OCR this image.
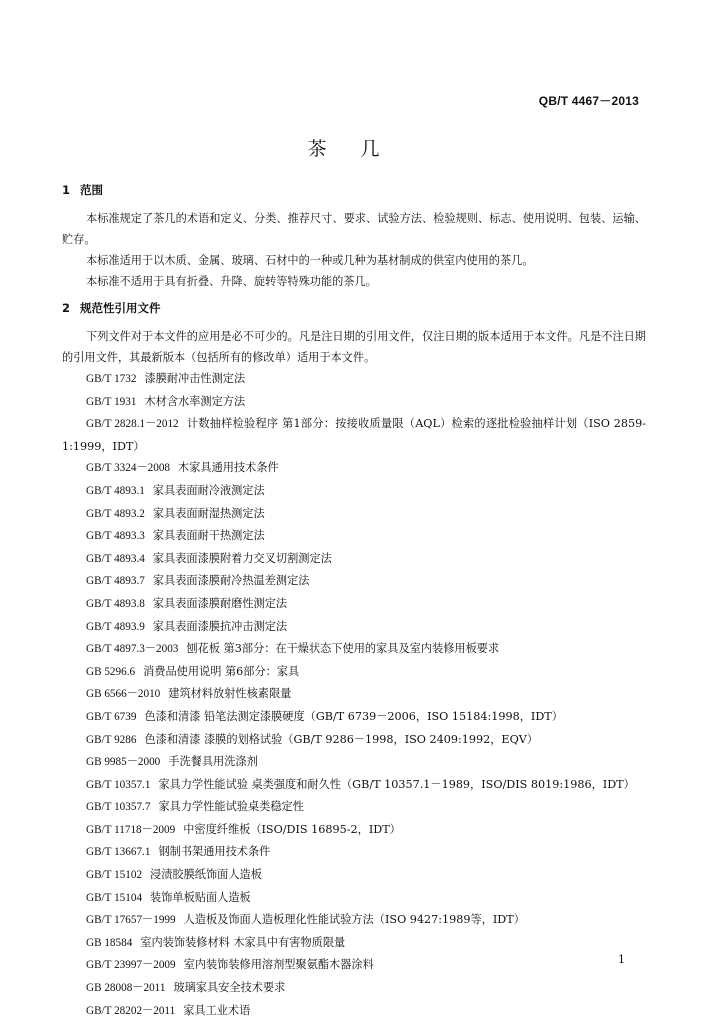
QB/T 4467－2013
茶 几
1 范围

本标准规定了茶几的术语和定义、分类、推荐尺寸、要求、试验方法、检验规则、标志、使用说明、包装、运输、贮存。

本标准适用于以木质、金属、玻璃、石材中的一种或几种为基材制成的供室内使用的茶几。

本标准不适用于具有折叠、升降、旋转等特殊功能的茶几。

2 规范性引用文件

下列文件对于本文件的应用是必不可少的。凡是注日期的引用文件，仅注日期的版本适用于本文件。凡是不注日期的引用文件，其最新版本（包括所有的修改单）适用于本文件。

GB/T 1732 漆膜耐冲击性测定法
GB/T 1931 木材含水率测定方法
GB/T 2828.1－2012 计数抽样检验程序 第1部分：按接收质量限（AQL）检索的逐批检验抽样计划（ISO 2859-1:1999，IDT）
GB/T 3324－2008 木家具通用技术条件
GB/T 4893.1 家具表面耐冷液测定法
GB/T 4893.2 家具表面耐湿热测定法
GB/T 4893.3 家具表面耐干热测定法
GB/T 4893.4 家具表面漆膜附着力交叉切割测定法
GB/T 4893.7 家具表面漆膜耐冷热温差测定法
GB/T 4893.8 家具表面漆膜耐磨性测定法
GB/T 4893.9 家具表面漆膜抗冲击测定法
GB/T 4897.3－2003 刨花板 第3部分：在干燥状态下使用的家具及室内装修用板要求
GB 5296.6 消费品使用说明 第6部分：家具
GB 6566－2010 建筑材料放射性核素限量
GB/T 6739 色漆和清漆 铅笔法测定漆膜硬度（GB/T 6739－2006，ISO 15184:1998，IDT）
GB/T 9286 色漆和清漆 漆膜的划格试验（GB/T 9286－1998，ISO 2409:1992，EQV）
GB 9985－2000 手洗餐具用洗涤剂
GB/T 10357.1 家具力学性能试验 桌类强度和耐久性（GB/T 10357.1－1989，ISO/DIS 8019:1986，IDT）
GB/T 10357.7 家具力学性能试验桌类稳定性
GB/T 11718－2009 中密度纤维板（ISO/DIS 16895-2，IDT）
GB/T 13667.1 钢制书架通用技术条件
GB/T 15102 浸渍胶膜纸饰面人造板
GB/T 15104 装饰单板贴面人造板
GB/T 17657－1999 人造板及饰面人造板理化性能试验方法（ISO 9427:1989等，IDT）
GB 18584 室内装饰装修材料 木家具中有害物质限量
GB/T 23997－2009 室内装饰装修用溶剂型聚氨酯木器涂料
GB 28008－2011 玻璃家具安全技术要求
GB/T 28202－2011 家具工业术语
1
